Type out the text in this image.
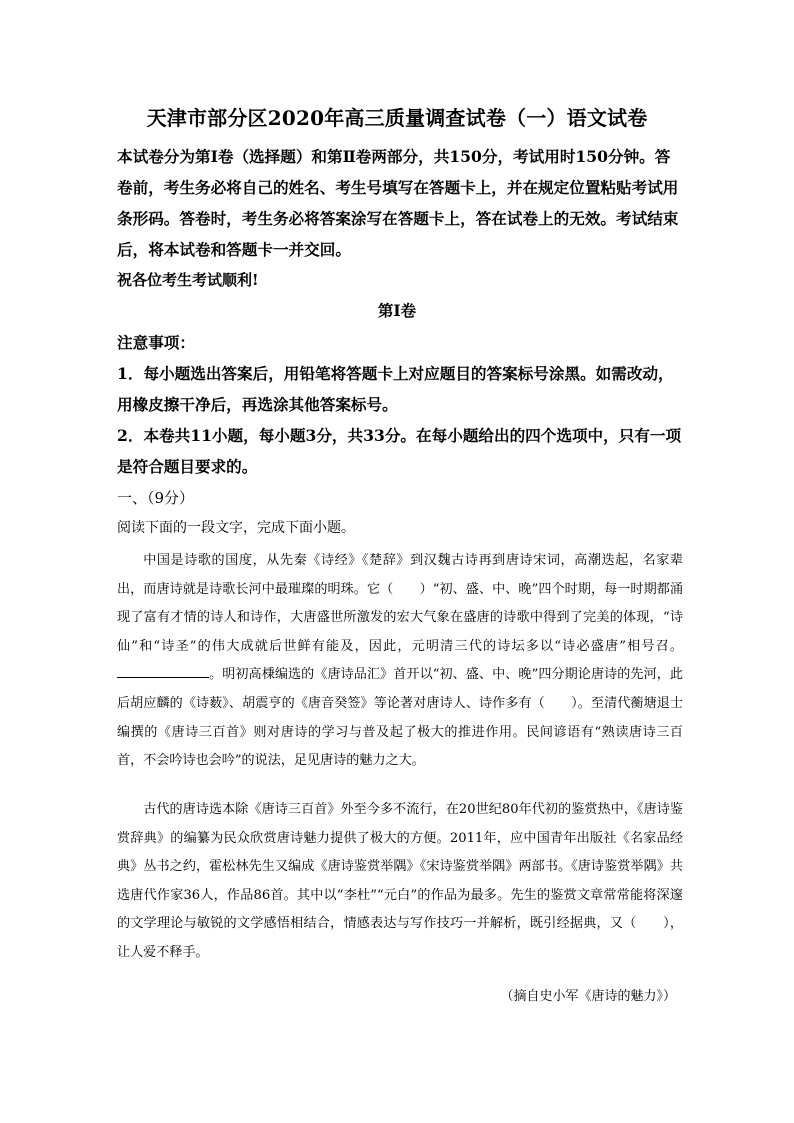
天津市部分区2020年高三质量调查试卷（一）语文试卷
本试卷分为第Ⅰ卷（选择题）和第Ⅱ卷两部分，共150分，考试用时150分钟。答卷前，考生务必将自己的姓名、考生号填写在答题卡上，并在规定位置粘贴考试用条形码。答卷时，考生务必将答案涂写在答题卡上，答在试卷上的无效。考试结束后，将本试卷和答题卡一并交回。
祝各位考生考试顺利!
第Ⅰ卷
注意事项：
1．每小题选出答案后，用铅笔将答题卡上对应题目的答案标号涂黑。如需改动，用橡皮擦干净后，再选涂其他答案标号。
2．本卷共11小题，每小题3分，共33分。在每小题给出的四个选项中，只有一项是符合题目要求的。
一、（9分）
阅读下面的一段文字，完成下面小题。

中国是诗歌的国度，从先秦《诗经》《楚辞》到汉魏古诗再到唐诗宋词，高潮迭起，名家辈出，而唐诗就是诗歌长河中最璀璨的明珠。它（　　）“初、盛、中、晚”四个时期，每一时期都涌现了富有才情的诗人和诗作，大唐盛世所激发的宏大气象在盛唐的诗歌中得到了完美的体现，“诗仙”和“诗圣”的伟大成就后世鲜有能及，因此，元明清三代的诗坛多以“诗必盛唐”相号召。。明初高棅编选的《唐诗品汇》首开以“初、盛、中、晚”四分期论唐诗的先河，此后胡应麟的《诗薮》、胡震亨的《唐音癸签》等论著对唐诗人、诗作多有（　　）。至清代蘅塘退士编撰的《唐诗三百首》则对唐诗的学习与普及起了极大的推进作用。民间谚语有“熟读唐诗三百首，不会吟诗也会吟”的说法，足见唐诗的魅力之大。

古代的唐诗选本除《唐诗三百首》外至今多不流行，在20世纪80年代初的鉴赏热中，《唐诗鉴赏辞典》的编纂为民众欣赏唐诗魅力提供了极大的方便。2011年，应中国青年出版社《名家品经典》丛书之约，霍松林先生又编成《唐诗鉴赏举隅》《宋诗鉴赏举隅》两部书。《唐诗鉴赏举隅》共选唐代作家36人，作品86首。其中以“李杜”“元白”的作品为最多。先生的鉴赏文章常常能将深邃的文学理论与敏锐的文学感悟相结合，情感表达与写作技巧一并解析，既引经据典，又（　　），让人爱不释手。

（摘自史小军《唐诗的魅力》）
